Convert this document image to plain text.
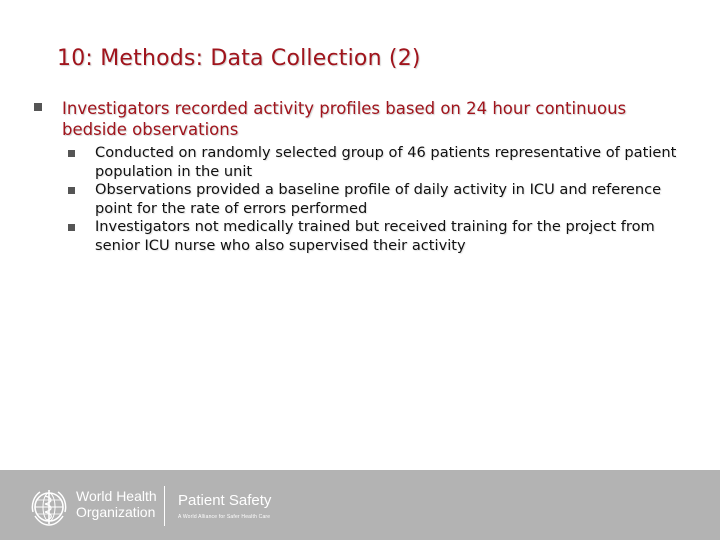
10: Methods: Data Collection (2)
Investigators recorded activity profiles based on 24 hour continuous bedside observations
Conducted on randomly selected group of 46 patients representative of patient population in the unit
Observations provided a baseline profile of daily activity in ICU and reference point for the rate of errors performed
Investigators not medically trained but received training for the project from senior ICU nurse who also supervised their activity
World Health
Organization
Patient Safety
A World Alliance for Safer Health Care
